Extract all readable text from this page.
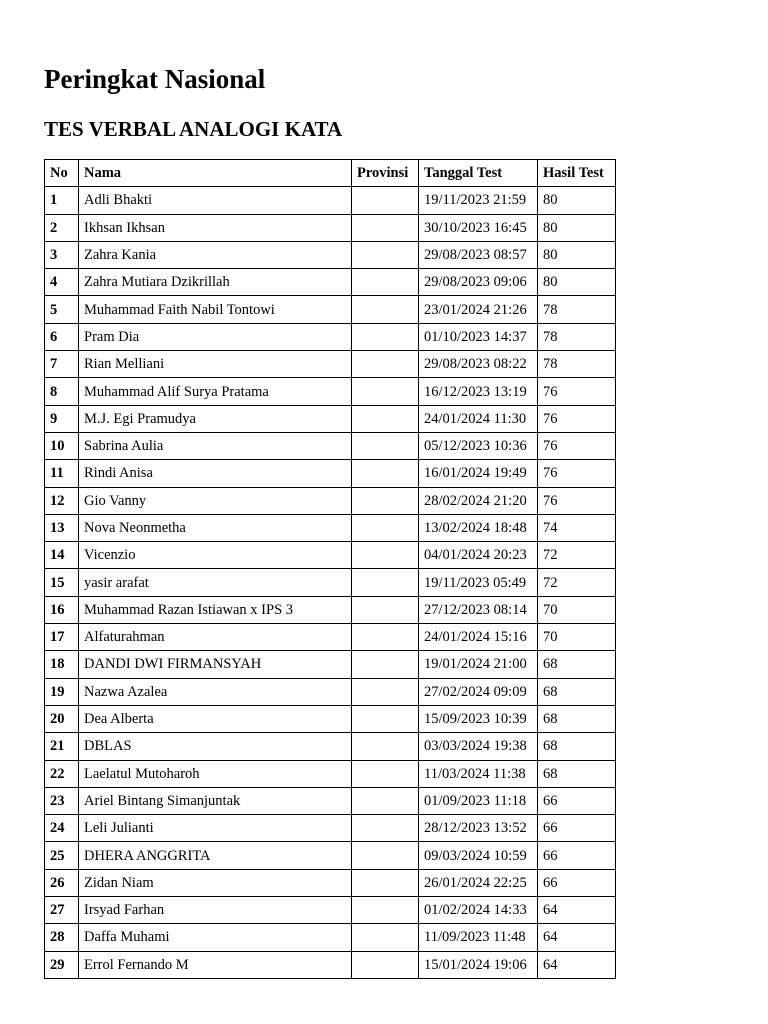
Peringkat Nasional
TES VERBAL ANALOGI KATA
No	Nama	Provinsi	Tanggal Test	Hasil Test
1	Adli Bhakti		19/11/2023 21:59	80
2	Ikhsan Ikhsan		30/10/2023 16:45	80
3	Zahra Kania		29/08/2023 08:57	80
4	Zahra Mutiara Dzikrillah		29/08/2023 09:06	80
5	Muhammad Faith Nabil Tontowi		23/01/2024 21:26	78
6	Pram Dia		01/10/2023 14:37	78
7	Rian Melliani		29/08/2023 08:22	78
8	Muhammad Alif Surya Pratama		16/12/2023 13:19	76
9	M.J. Egi Pramudya		24/01/2024 11:30	76
10	Sabrina Aulia		05/12/2023 10:36	76
11	Rindi Anisa		16/01/2024 19:49	76
12	Gio Vanny		28/02/2024 21:20	76
13	Nova Neonmetha		13/02/2024 18:48	74
14	Vicenzio		04/01/2024 20:23	72
15	yasir arafat		19/11/2023 05:49	72
16	Muhammad Razan Istiawan x IPS 3		27/12/2023 08:14	70
17	Alfaturahman		24/01/2024 15:16	70
18	DANDI DWI FIRMANSYAH		19/01/2024 21:00	68
19	Nazwa Azalea		27/02/2024 09:09	68
20	Dea Alberta		15/09/2023 10:39	68
21	DBLAS		03/03/2024 19:38	68
22	Laelatul Mutoharoh		11/03/2024 11:38	68
23	Ariel Bintang Simanjuntak		01/09/2023 11:18	66
24	Leli Julianti		28/12/2023 13:52	66
25	DHERA ANGGRITA		09/03/2024 10:59	66
26	Zidan Niam		26/01/2024 22:25	66
27	Irsyad Farhan		01/02/2024 14:33	64
28	Daffa Muhami		11/09/2023 11:48	64
29	Errol Fernando M		15/01/2024 19:06	64
